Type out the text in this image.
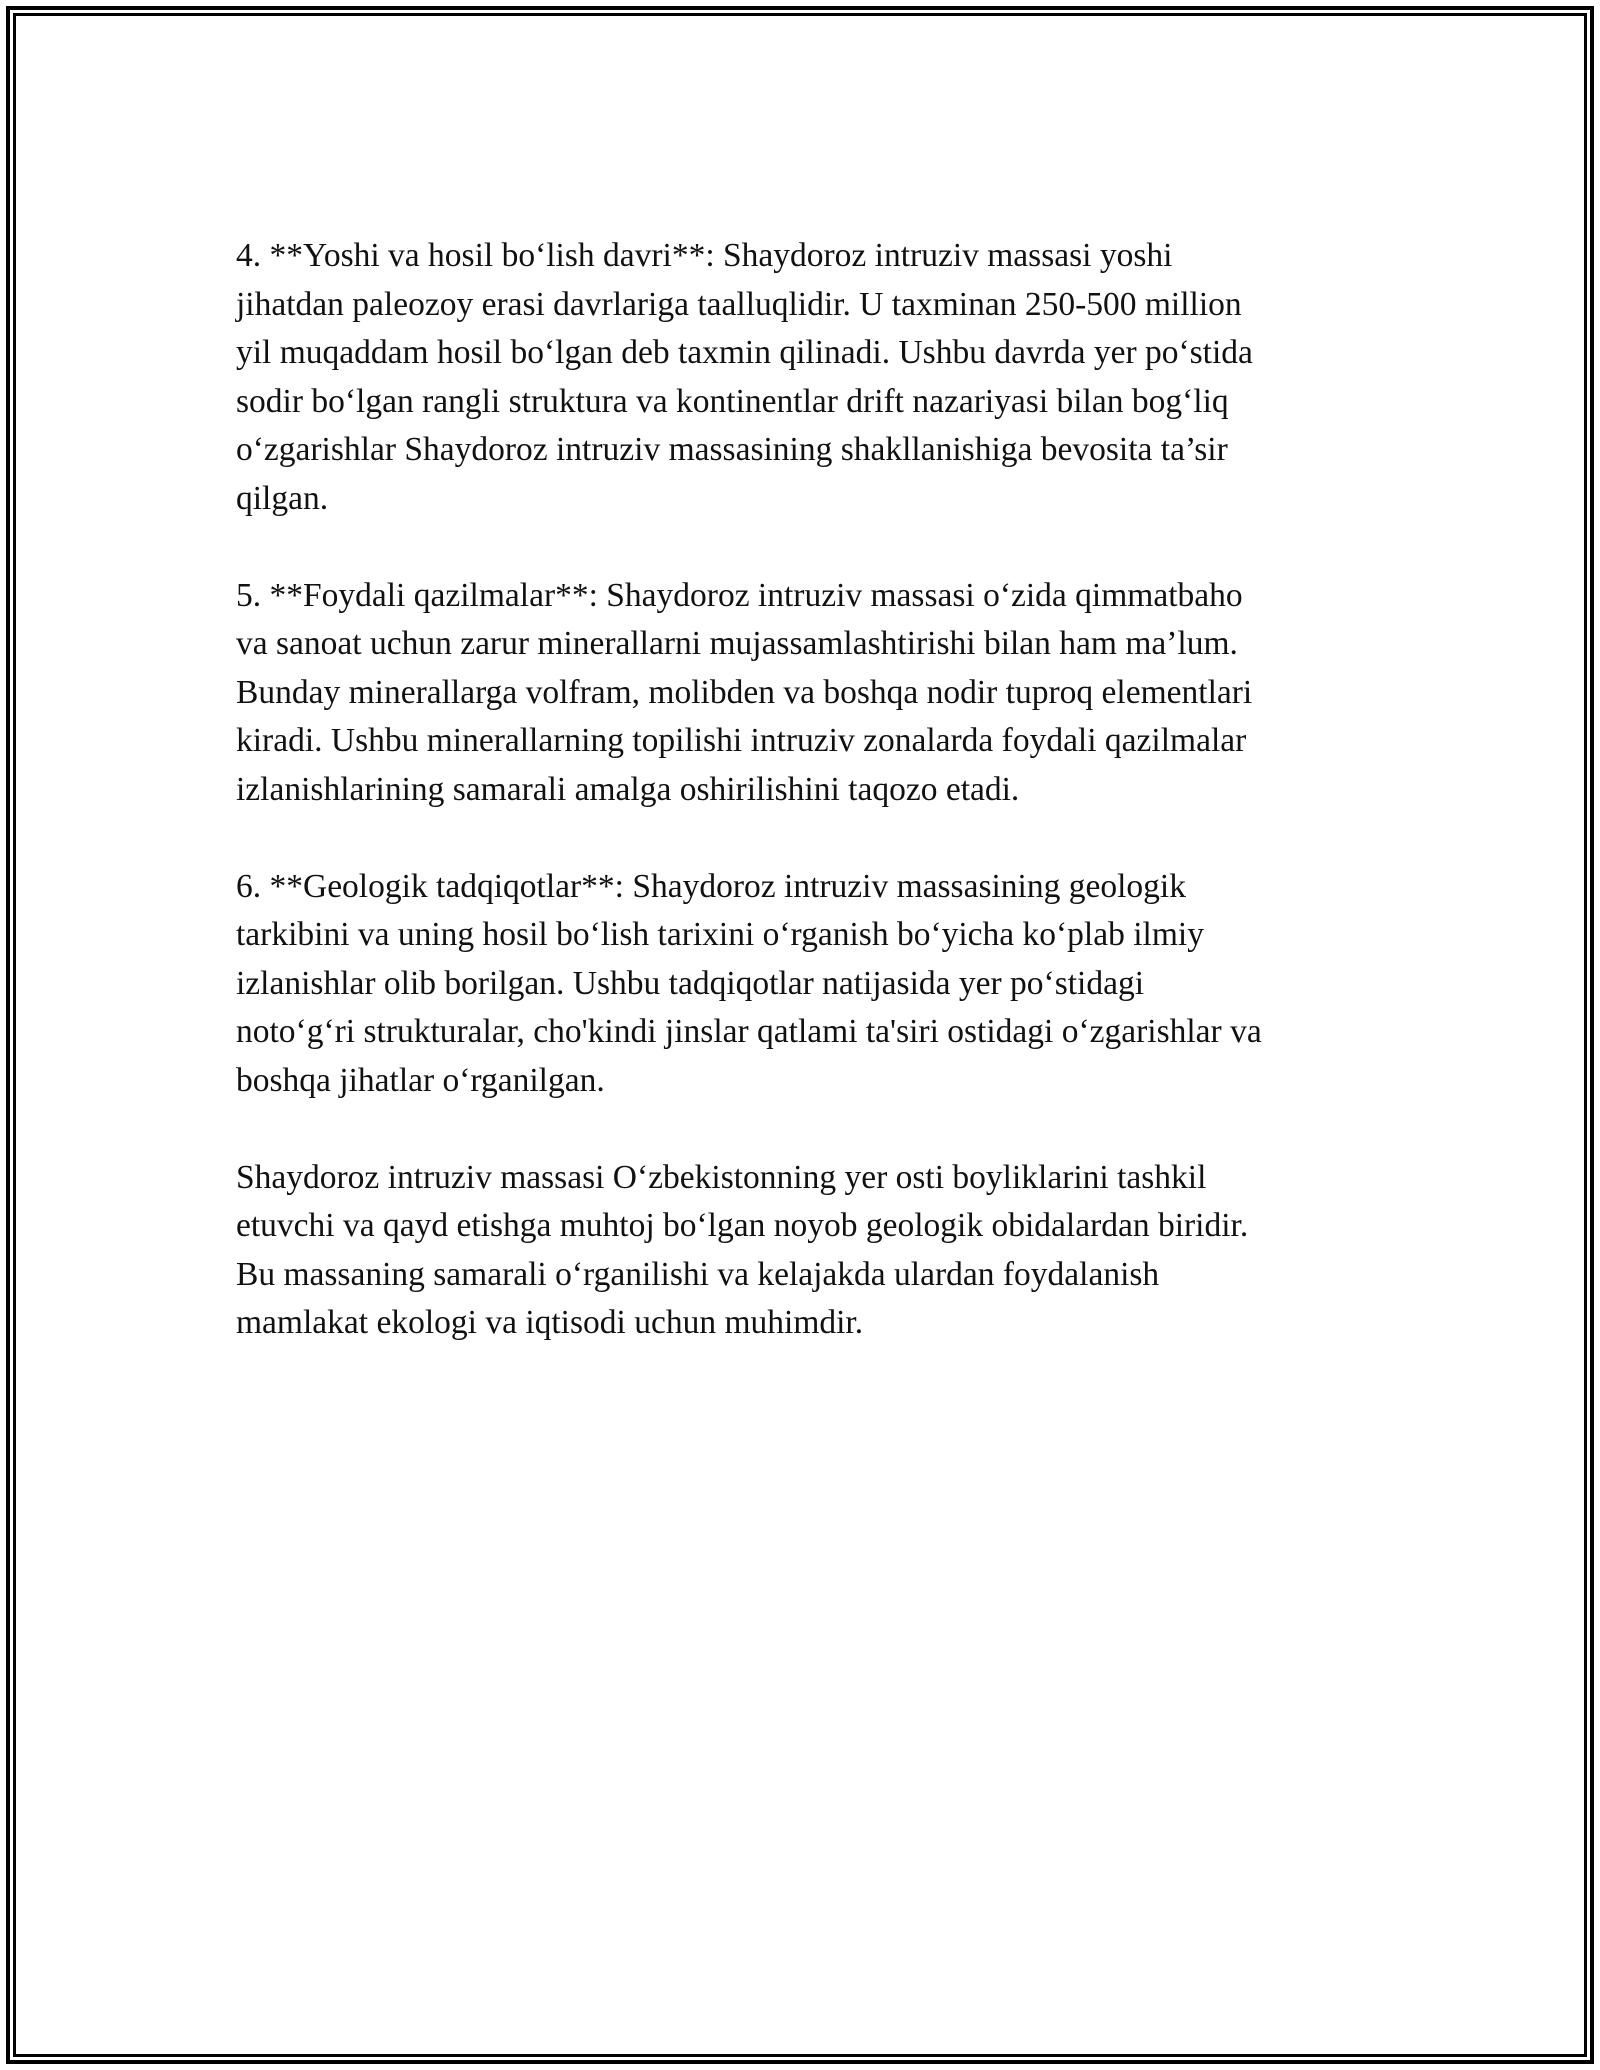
4. **Yoshi va hosil bo‘lish davri**: Shaydoroz intruziv massasi yoshi
jihatdan paleozoy erasi davrlariga taalluqlidir. U taxminan 250-500 million
yil muqaddam hosil bo‘lgan deb taxmin qilinadi. Ushbu davrda yer po‘stida
sodir bo‘lgan rangli struktura va kontinentlar drift nazariyasi bilan bog‘liq
o‘zgarishlar Shaydoroz intruziv massasining shakllanishiga bevosita ta’sir
qilgan.

5. **Foydali qazilmalar**: Shaydoroz intruziv massasi o‘zida qimmatbaho
va sanoat uchun zarur minerallarni mujassamlashtirishi bilan ham ma’lum.
Bunday minerallarga volfram, molibden va boshqa nodir tuproq elementlari
kiradi. Ushbu minerallarning topilishi intruziv zonalarda foydali qazilmalar
izlanishlarining samarali amalga oshirilishini taqozo etadi.

6. **Geologik tadqiqotlar**: Shaydoroz intruziv massasining geologik
tarkibini va uning hosil bo‘lish tarixini o‘rganish bo‘yicha ko‘plab ilmiy
izlanishlar olib borilgan. Ushbu tadqiqotlar natijasida yer po‘stidagi
noto‘g‘ri strukturalar, cho'kindi jinslar qatlami ta'siri ostidagi o‘zgarishlar va
boshqa jihatlar o‘rganilgan.

Shaydoroz intruziv massasi O‘zbekistonning yer osti boyliklarini tashkil
etuvchi va qayd etishga muhtoj bo‘lgan noyob geologik obidalardan biridir.
Bu massaning samarali o‘rganilishi va kelajakda ulardan foydalanish
mamlakat ekologi va iqtisodi uchun muhimdir.
